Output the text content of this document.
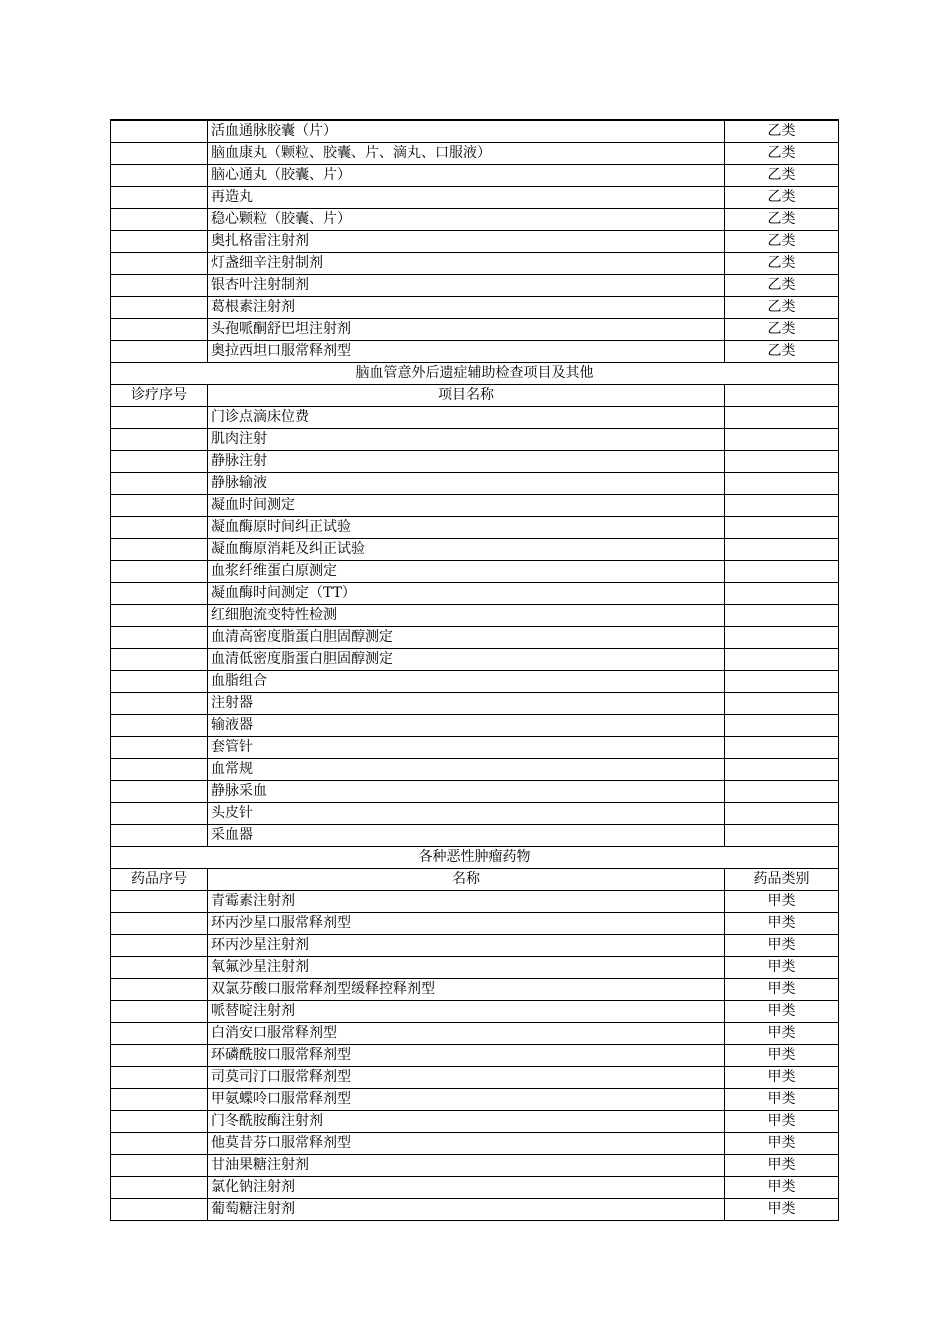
	活血通脉胶囊（片）	乙类
	脑血康丸（颗粒、胶囊、片、滴丸、口服液）	乙类
	脑心通丸（胶囊、片）	乙类
	再造丸	乙类
	稳心颗粒（胶囊、片）	乙类
	奥扎格雷注射剂	乙类
	灯盏细辛注射制剂	乙类
	银杏叶注射制剂	乙类
	葛根素注射剂	乙类
	头孢哌酮舒巴坦注射剂	乙类
	奥拉西坦口服常释剂型	乙类
脑血管意外后遗症辅助检查项目及其他		
诊疗序号	项目名称	
	门诊点滴床位费	
	肌肉注射	
	静脉注射	
	静脉输液	
	凝血时间测定	
	凝血酶原时间纠正试验	
	凝血酶原消耗及纠正试验	
	血浆纤维蛋白原测定	
	凝血酶时间测定（TT）	
	红细胞流变特性检测	
	血清高密度脂蛋白胆固醇测定	
	血清低密度脂蛋白胆固醇测定	
	血脂组合	
	注射器	
	输液器	
	套管针	
	血常规	
	静脉采血	
	头皮针	
	采血器	
各种恶性肿瘤药物		
药品序号	名称	药品类别
	青霉素注射剂	甲类
	环丙沙星口服常释剂型	甲类
	环丙沙星注射剂	甲类
	氧氟沙星注射剂	甲类
	双氯芬酸口服常释剂型缓释控释剂型	甲类
	哌替啶注射剂	甲类
	白消安口服常释剂型	甲类
	环磷酰胺口服常释剂型	甲类
	司莫司汀口服常释剂型	甲类
	甲氨蝶呤口服常释剂型	甲类
	门冬酰胺酶注射剂	甲类
	他莫昔芬口服常释剂型	甲类
	甘油果糖注射剂	甲类
	氯化钠注射剂	甲类
	葡萄糖注射剂	甲类
